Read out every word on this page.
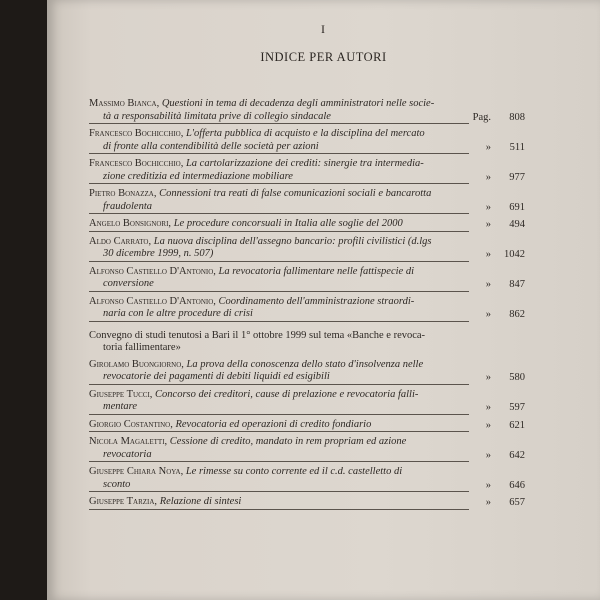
I
INDICE PER AUTORI
Massimo Bianca, Questioni in tema di decadenza degli amministratori nelle socie-
tà a responsabilità limitata prive di collegio sindacale	Pag.	808
Francesco Bochicchio, L'offerta pubblica di acquisto e la disciplina del mercato
di fronte alla contendibilità delle società per azioni	»	511
Francesco Bochicchio, La cartolarizzazione dei crediti: sinergie tra intermedia-
zione creditizia ed intermediazione mobiliare	»	977
Pietro Bonazza, Connessioni tra reati di false comunicazioni sociali e bancarotta
fraudolenta	»	691
Angelo Bonsignori, Le procedure concorsuali in Italia alle soglie del 2000	»	494
Aldo Carrato, La nuova disciplina dell'assegno bancario: profili civilistici (d.lgs
30 dicembre 1999, n. 507)	»	1042
Alfonso Castiello D'Antonio, La revocatoria fallimentare nelle fattispecie di
conversione	»	847
Alfonso Castiello D'Antonio, Coordinamento dell'amministrazione straordi-
naria con le altre procedure di crisi	»	862
Convegno di studi tenutosi a Bari il 1° ottobre 1999 sul tema «Banche e revoca-
toria fallimentare»
Girolamo Buongiorno, La prova della conoscenza dello stato d'insolvenza nelle
revocatorie dei pagamenti di debiti liquidi ed esigibili	»	580
Giuseppe Tucci, Concorso dei creditori, cause di prelazione e revocatoria falli-
mentare	»	597
Giorgio Costantino, Revocatoria ed operazioni di credito fondiario	»	621
Nicola Magaletti, Cessione di credito, mandato in rem propriam ed azione
revocatoria	»	642
Giuseppe Chiara Noya, Le rimesse su conto corrente ed il c.d. castelletto di
sconto	»	646
Giuseppe Tarzia, Relazione di sintesi	»	657
